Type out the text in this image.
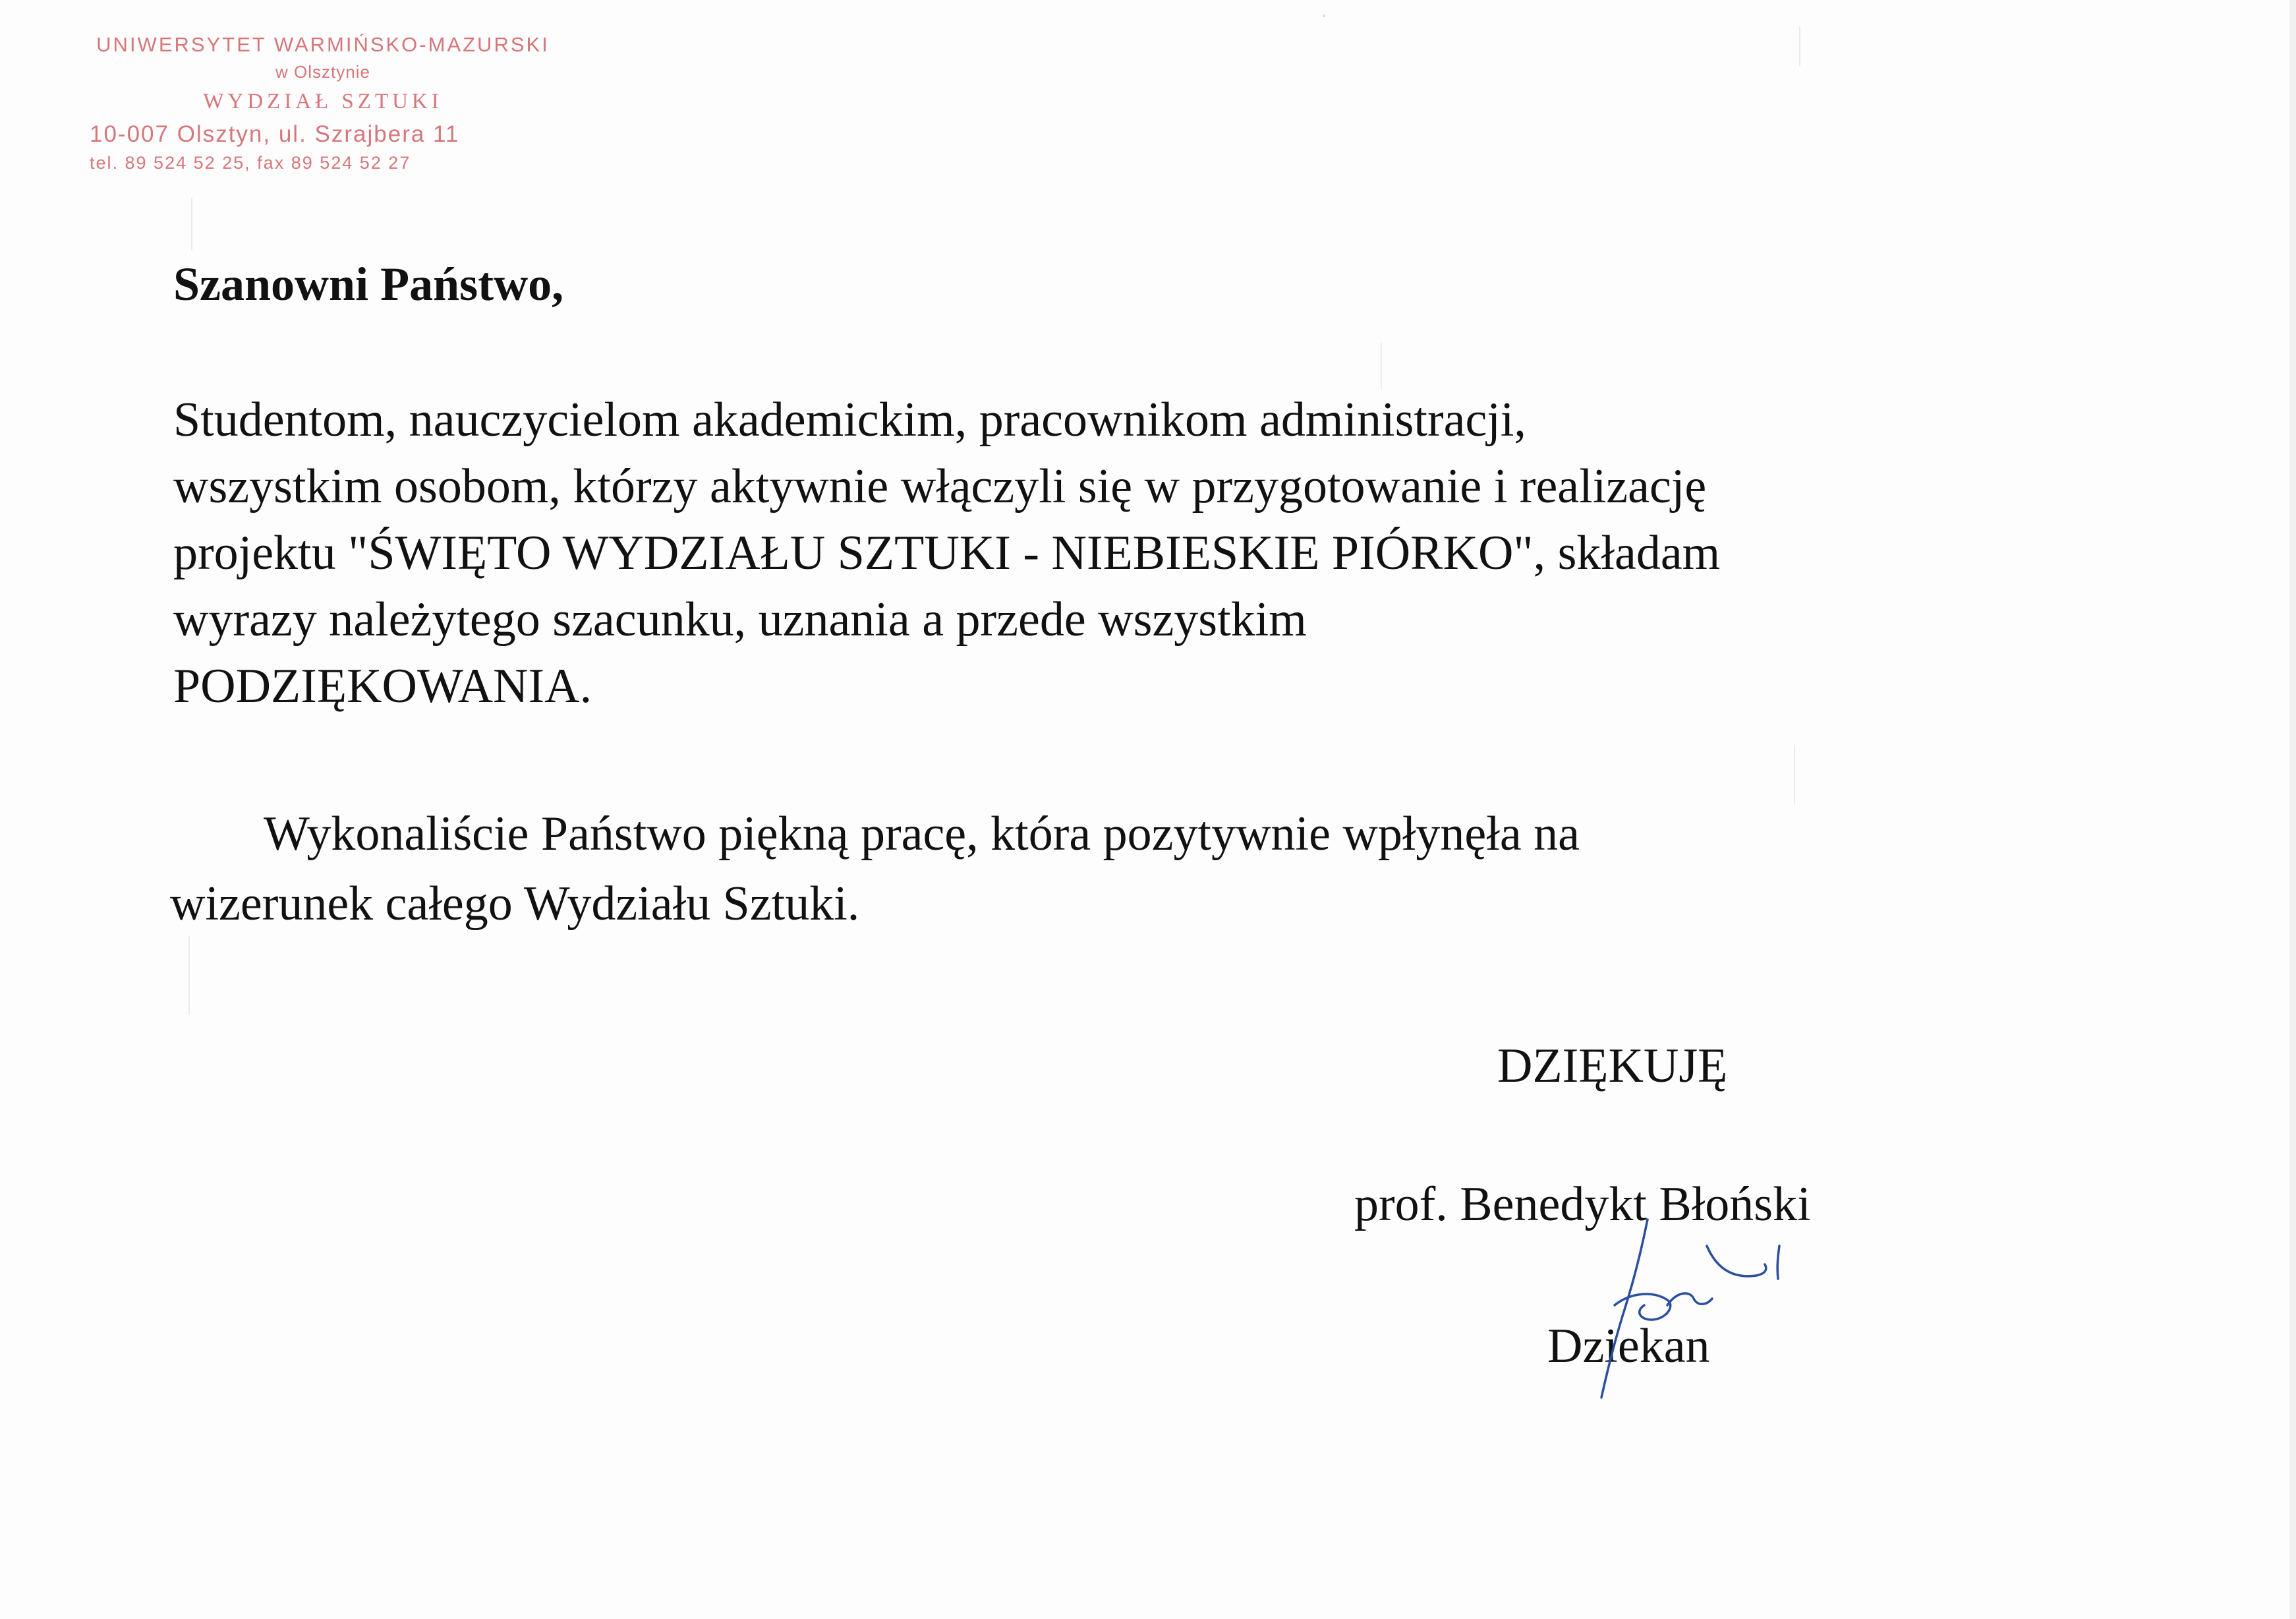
UNIWERSYTET WARMIŃSKO-MAZURSKI
w Olsztynie
WYDZIAŁ SZTUKI
10-007 Olsztyn, ul. Szrajbera 11
tel. 89 524 52 25, fax 89 524 52 27
Szanowni Państwo,
Studentom, nauczycielom akademickim, pracownikom administracji,
wszystkim osobom, którzy aktywnie włączyli się w przygotowanie i realizację
projektu "ŚWIĘTO WYDZIAŁU SZTUKI - NIEBIESKIE PIÓRKO", składam
wyrazy należytego szacunku, uznania a przede wszystkim
PODZIĘKOWANIA.
Wykonaliście Państwo piękną pracę, która pozytywnie wpłynęła na
wizerunek całego Wydziału Sztuki.
DZIĘKUJĘ
prof. Benedykt Błoński
Dziekan
